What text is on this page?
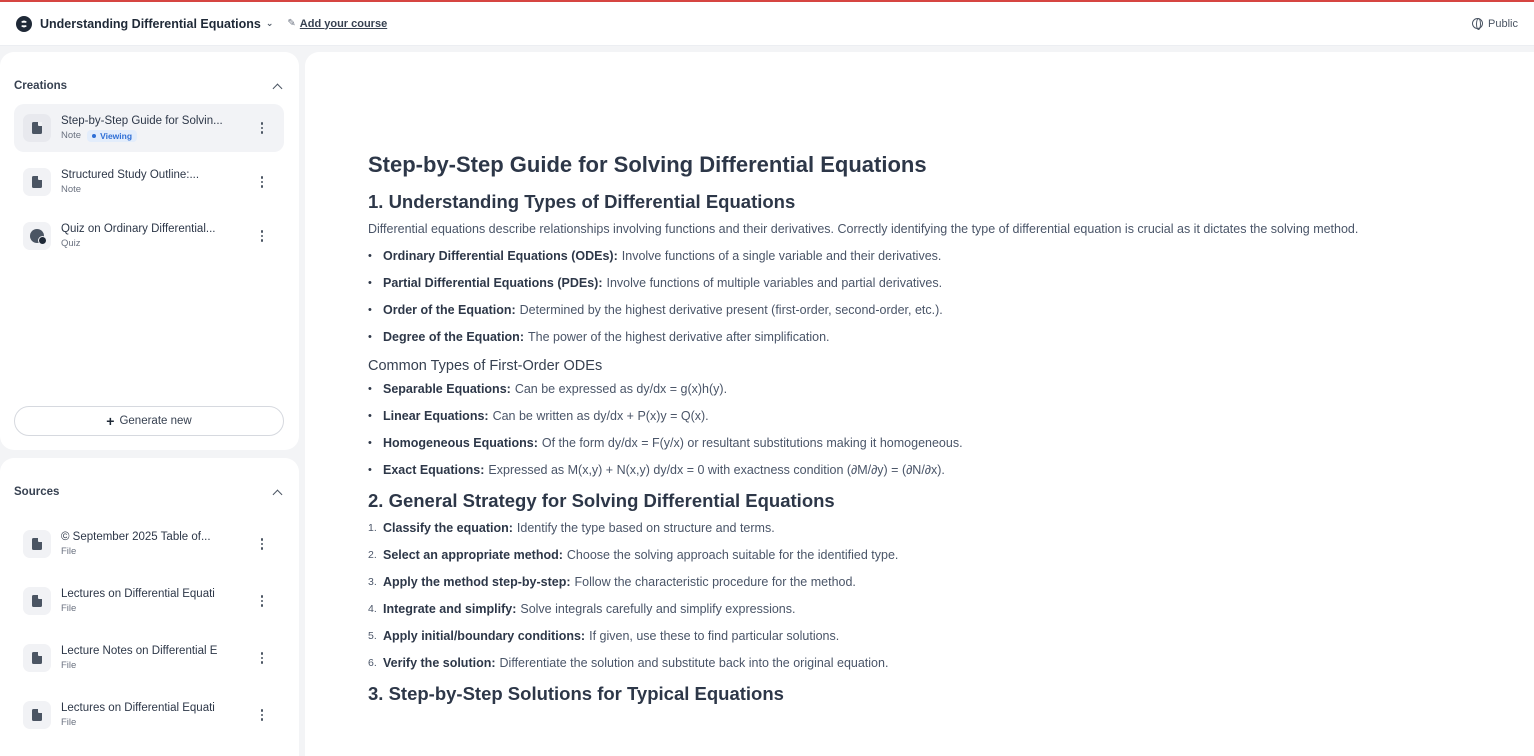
Understanding Differential Equations ⌄ ✎ Add your course	Public
Creations
Step-by-Step Guide for Solvin...
Note Viewing
Structured Study Outline:...
Note
Quiz on Ordinary Differential...
Quiz
+ Generate new
Sources
© September 2025 Table of...
File
Lectures on Differential Equati
File
Lecture Notes on Differential E
File
Lectures on Differential Equati
File
Step-by-Step Guide for Solving Differential Equations
1. Understanding Types of Differential Equations

Differential equations describe relationships involving functions and their derivatives. Correctly identifying the type of differential equation is crucial as it dictates the solving method.

• Ordinary Differential Equations (ODEs): Involve functions of a single variable and their derivatives.
• Partial Differential Equations (PDEs): Involve functions of multiple variables and partial derivatives.
• Order of the Equation: Determined by the highest derivative present (first-order, second-order, etc.).
• Degree of the Equation: The power of the highest derivative after simplification.
Common Types of First-Order ODEs
• Separable Equations: Can be expressed as dy/dx = g(x)h(y).
• Linear Equations: Can be written as dy/dx + P(x)y = Q(x).
• Homogeneous Equations: Of the form dy/dx = F(y/x) or resultant substitutions making it homogeneous.
• Exact Equations: Expressed as M(x,y) + N(x,y) dy/dx = 0 with exactness condition (∂M/∂y) = (∂N/∂x).
2. General Strategy for Solving Differential Equations
1. Classify the equation: Identify the type based on structure and terms.
2. Select an appropriate method: Choose the solving approach suitable for the identified type.
3. Apply the method step-by-step: Follow the characteristic procedure for the method.
4. Integrate and simplify: Solve integrals carefully and simplify expressions.
5. Apply initial/boundary conditions: If given, use these to find particular solutions.
6. Verify the solution: Differentiate the solution and substitute back into the original equation.
3. Step-by-Step Solutions for Typical Equations
